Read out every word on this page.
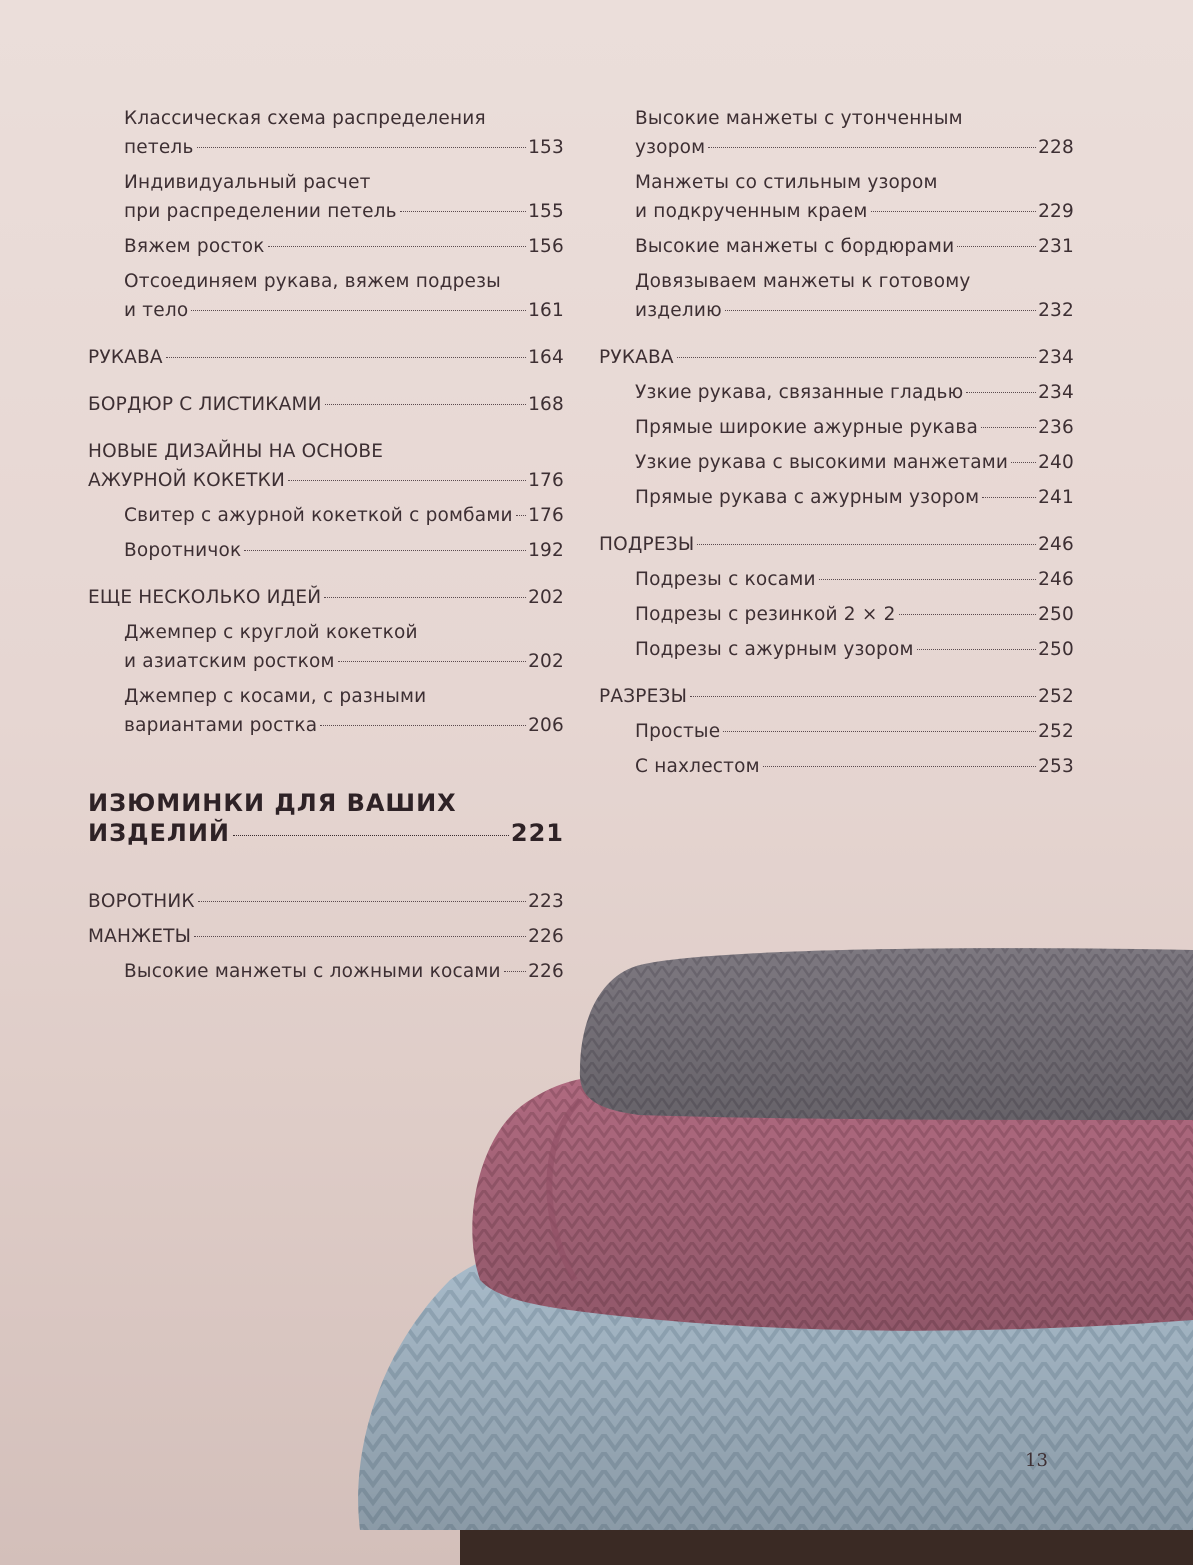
Классическая схема распределения
петель	153
Индивидуальный расчет
при распределении петель	155
Вяжем росток	156
Отсоединяем рукава, вяжем подрезы
и тело	161
РУКАВА	164
БОРДЮР С ЛИСТИКАМИ	168
НОВЫЕ ДИЗАЙНЫ НА ОСНОВЕ
АЖУРНОЙ КОКЕТКИ	176
Свитер с ажурной кокеткой с ромбами 176
Воротничок	192
ЕЩЕ НЕСКОЛЬКО ИДЕЙ	202
Джемпер с круглой кокеткой
и азиатским ростком	202
Джемпер с косами, с разными
вариантами ростка	206
ИЗЮМИНКИ ДЛЯ ВАШИХ
ИЗДЕЛИЙ	221
ВОРОТНИК	223
МАНЖЕТЫ	226
Высокие манжеты с ложными косами 226
Высокие манжеты с утонченным
узором	228
Манжеты со стильным узором
и подкрученным краем	229
Высокие манжеты с бордюрами	231
Довязываем манжеты к готовому
изделию	232
РУКАВА	234
Узкие рукава, связанные гладью	234
Прямые широкие ажурные рукава	236
Узкие рукава с высокими манжетами 240
Прямые рукава с ажурным узором	241
ПОДРЕЗЫ	246
Подрезы с косами	246
Подрезы с резинкой 2 × 2	250
Подрезы с ажурным узором	250
РАЗРЕЗЫ	252
Простые	252
С нахлестом	253
13
